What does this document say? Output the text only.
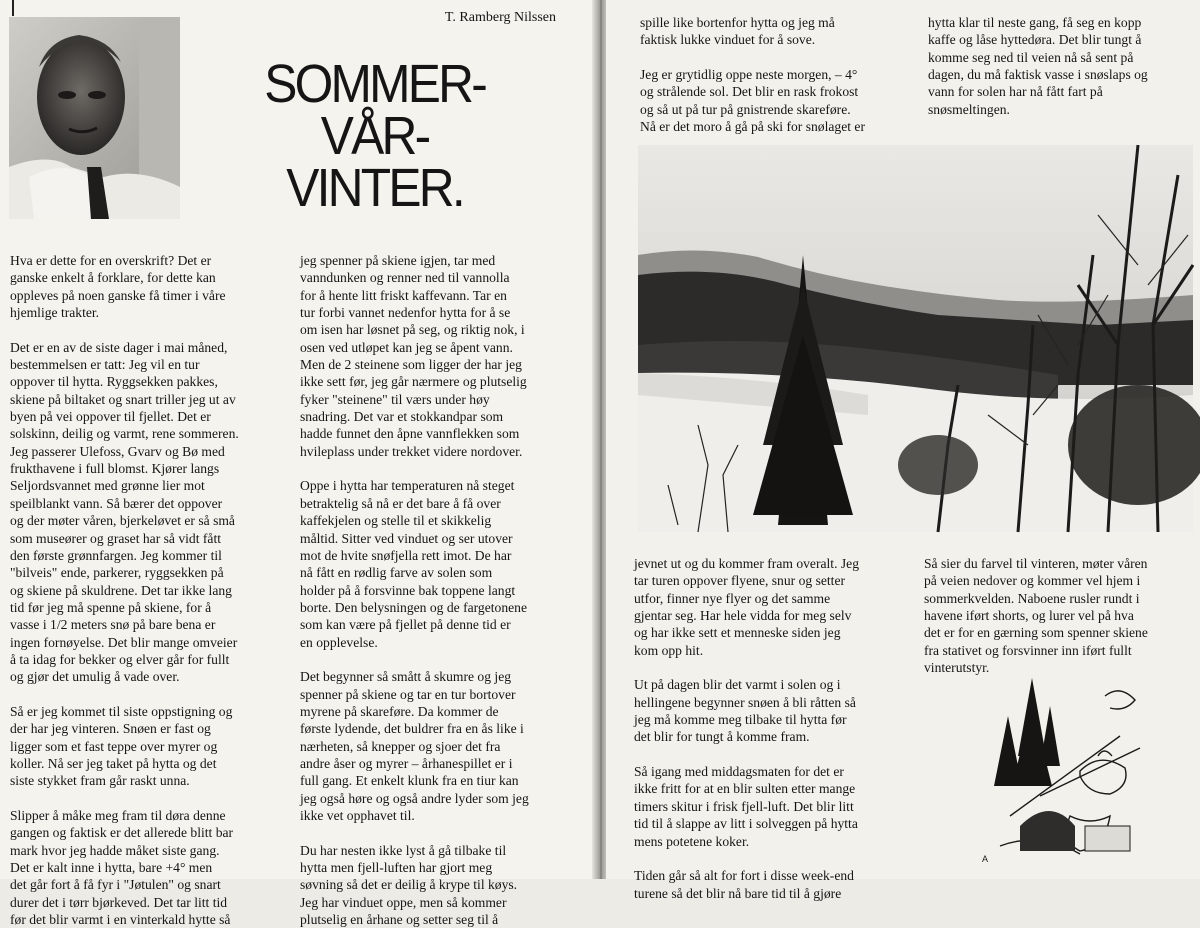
T. Ramberg Nilssen
SOMMER-
VÅR-
VINTER.

Hva er dette for en overskrift? Det er
ganske enkelt å forklare, for dette kan
oppleves på noen ganske få timer i våre
hjemlige trakter.

Det er en av de siste dager i mai måned,
bestemmelsen er tatt: Jeg vil en tur
oppover til hytta. Ryggsekken pakkes,
skiene på biltaket og snart triller jeg ut av
byen på vei oppover til fjellet. Det er
solskinn, deilig og varmt, rene sommeren.
Jeg passerer Ulefoss, Gvarv og Bø med
frukthavene i full blomst. Kjører langs
Seljordsvannet med grønne lier mot
speilblankt vann. Så bærer det oppover
og der møter våren, bjerkeløvet er så små
som museører og graset har så vidt fått
den første grønnfargen. Jeg kommer til
"bilveis" ende, parkerer, ryggsekken på
og skiene på skuldrene. Det tar ikke lang
tid før jeg må spenne på skiene, for å
vasse i 1/2 meters snø på bare bena er
ingen fornøyelse. Det blir mange omveier
å ta idag for bekker og elver går for fullt
og gjør det umulig å vade over.

Så er jeg kommet til siste oppstigning og
der har jeg vinteren. Snøen er fast og
ligger som et fast teppe over myrer og
koller. Nå ser jeg taket på hytta og det
siste stykket fram går raskt unna.

Slipper å måke meg fram til døra denne
gangen og faktisk er det allerede blitt bar
mark hvor jeg hadde måket siste gang.
Det er kalt inne i hytta, bare +4° men
det går fort å få fyr i "Jøtulen" og snart
durer det i tørr bjørkeved. Det tar litt tid
før det blir varmt i en vinterkald hytte så

jeg spenner på skiene igjen, tar med
vanndunken og renner ned til vannolla
for å hente litt friskt kaffevann. Tar en
tur forbi vannet nedenfor hytta for å se
om isen har løsnet på seg, og riktig nok, i
osen ved utløpet kan jeg se åpent vann.
Men de 2 steinene som ligger der har jeg
ikke sett før, jeg går nærmere og plutselig
fyker "steinene" til værs under høy
snadring. Det var et stokkandpar som
hadde funnet den åpne vannflekken som
hvileplass under trekket videre nordover.

Oppe i hytta har temperaturen nå steget
betraktelig så nå er det bare å få over
kaffekjelen og stelle til et skikkelig
måltid. Sitter ved vinduet og ser utover
mot de hvite snøfjella rett imot. De har
nå fått en rødlig farve av solen som
holder på å forsvinne bak toppene langt
borte. Den belysningen og de fargetonene
som kan være på fjellet på denne tid er
en opplevelse.

Det begynner så smått å skumre og jeg
spenner på skiene og tar en tur bortover
myrene på skareføre. Da kommer de
første lydende, det buldrer fra en ås like i
nærheten, så knepper og sjoer det fra
andre åser og myrer – århanespillet er i
full gang. Et enkelt klunk fra en tiur kan
jeg også høre og også andre lyder som jeg
ikke vet opphavet til.

Du har nesten ikke lyst å gå tilbake til
hytta men fjell-luften har gjort meg
søvning så det er deilig å krype til køys.
Jeg har vinduet oppe, men så kommer
plutselig en århane og setter seg til å

spille like bortenfor hytta og jeg må
faktisk lukke vinduet for å sove.

Jeg er grytidlig oppe neste morgen, – 4°
og strålende sol. Det blir en rask frokost
og så ut på tur på gnistrende skareføre.
Nå er det moro å gå på ski for snølaget er

hytta klar til neste gang, få seg en kopp
kaffe og låse hyttedøra. Det blir tungt å
komme seg ned til veien nå så sent på
dagen, du må faktisk vasse i snøslaps og
vann for solen har nå fått fart på
snøsmeltingen.

jevnet ut og du kommer fram overalt. Jeg
tar turen oppover flyene, snur og setter
utfor, finner nye flyer og det samme
gjentar seg. Har hele vidda for meg selv
og har ikke sett et menneske siden jeg
kom opp hit.

Ut på dagen blir det varmt i solen og i
hellingene begynner snøen å bli råtten så
jeg må komme meg tilbake til hytta før
det blir for tungt å komme fram.

Så igang med middagsmaten for det er
ikke fritt for at en blir sulten etter mange
timers skitur i frisk fjell-luft. Det blir litt
tid til å slappe av litt i solveggen på hytta
mens potetene koker.

Tiden går så alt for fort i disse week-end
turene så det blir nå bare tid til å gjøre

Så sier du farvel til vinteren, møter våren
på veien nedover og kommer vel hjem i
sommerkvelden. Naboene rusler rundt i
havene iført shorts, og lurer vel på hva
det er for en gærning som spenner skiene
fra stativet og forsvinner inn iført fullt
vinterutstyr.

A
